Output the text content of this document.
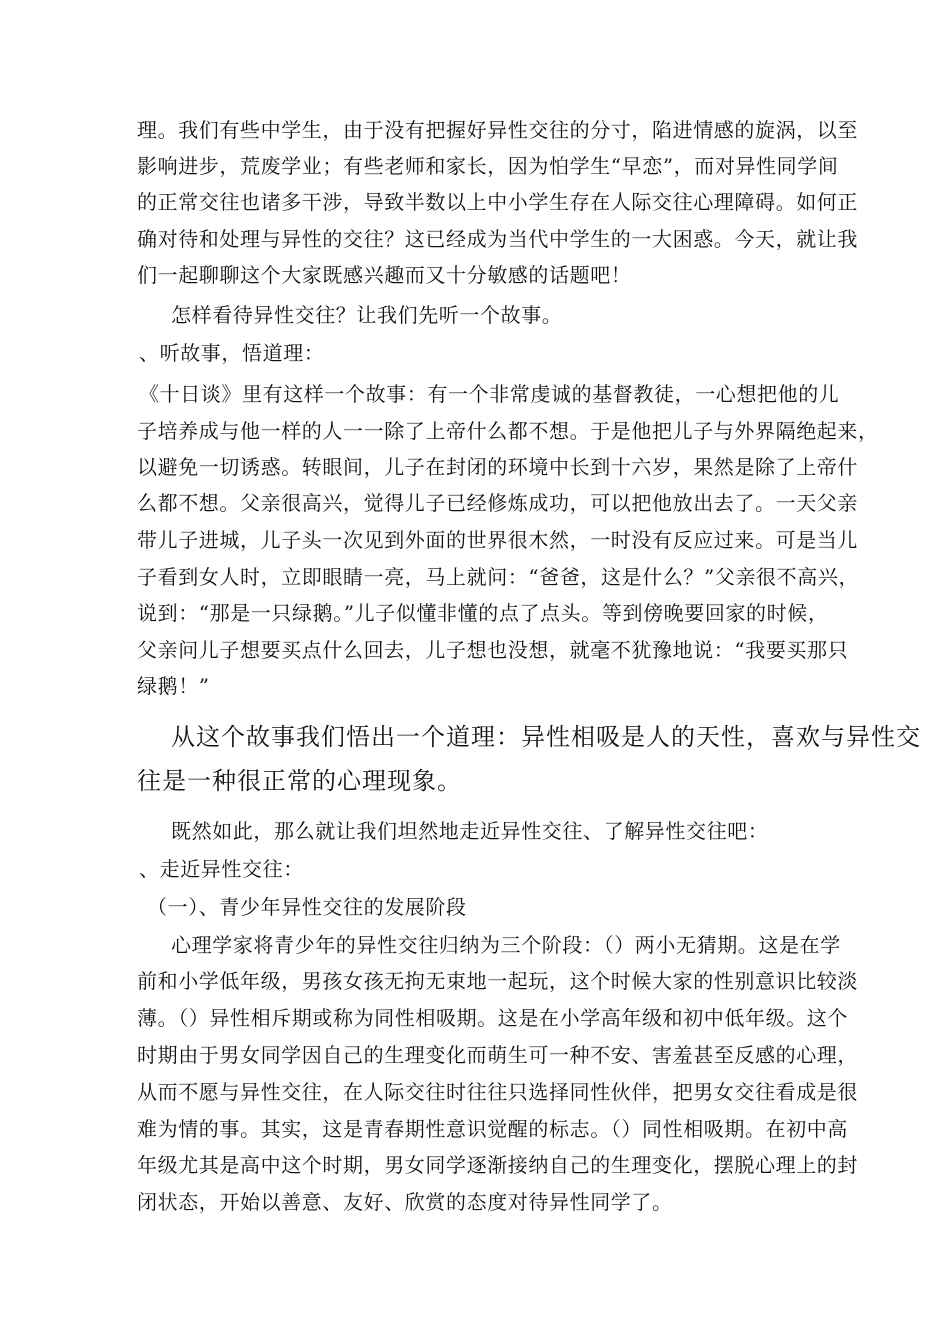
理。我们有些中学生，由于没有把握好异性交往的分寸，陷进情感的旋涡，以至
影响进步，荒废学业；有些老师和家长，因为怕学生“早恋”，而对异性同学间
的正常交往也诸多干涉，导致半数以上中小学生存在人际交往心理障碍。如何正
确对待和处理与异性的交往？这已经成为当代中学生的一大困惑。今天，就让我
们一起聊聊这个大家既感兴趣而又十分敏感的话题吧！
怎样看待异性交往？让我们先听一个故事。
、听故事，悟道理：
《十日谈》里有这样一个故事：有一个非常虔诚的基督教徒，一心想把他的儿
子培养成与他一样的人一一除了上帝什么都不想。于是他把儿子与外界隔绝起来，
以避免一切诱惑。转眼间，儿子在封闭的环境中长到十六岁，果然是除了上帝什
么都不想。父亲很高兴，觉得儿子已经修炼成功，可以把他放出去了。一天父亲
带儿子进城，儿子头一次见到外面的世界很木然，一时没有反应过来。可是当儿
子看到女人时，立即眼睛一亮，马上就问：“爸爸，这是什么？”父亲很不高兴，
说到：“那是一只绿鹅。”儿子似懂非懂的点了点头。等到傍晚要回家的时候，
父亲问儿子想要买点什么回去，儿子想也没想，就毫不犹豫地说：“我要买那只
绿鹅！”
从这个故事我们悟出一个道理：异性相吸是人的天性，喜欢与异性交
往是一种很正常的心理现象。
既然如此，那么就让我们坦然地走近异性交往、了解异性交往吧：
、走近异性交往：
（一）、青少年异性交往的发展阶段
心理学家将青少年的异性交往归纳为三个阶段：（）两小无猜期。这是在学
前和小学低年级，男孩女孩无拘无束地一起玩，这个时候大家的性别意识比较淡
薄。（）异性相斥期或称为同性相吸期。这是在小学高年级和初中低年级。这个
时期由于男女同学因自己的生理变化而萌生可一种不安、害羞甚至反感的心理，
从而不愿与异性交往，在人际交往时往往只选择同性伙伴，把男女交往看成是很
难为情的事。其实，这是青春期性意识觉醒的标志。（）同性相吸期。在初中高
年级尤其是高中这个时期，男女同学逐渐接纳自己的生理变化，摆脱心理上的封
闭状态，开始以善意、友好、欣赏的态度对待异性同学了。
